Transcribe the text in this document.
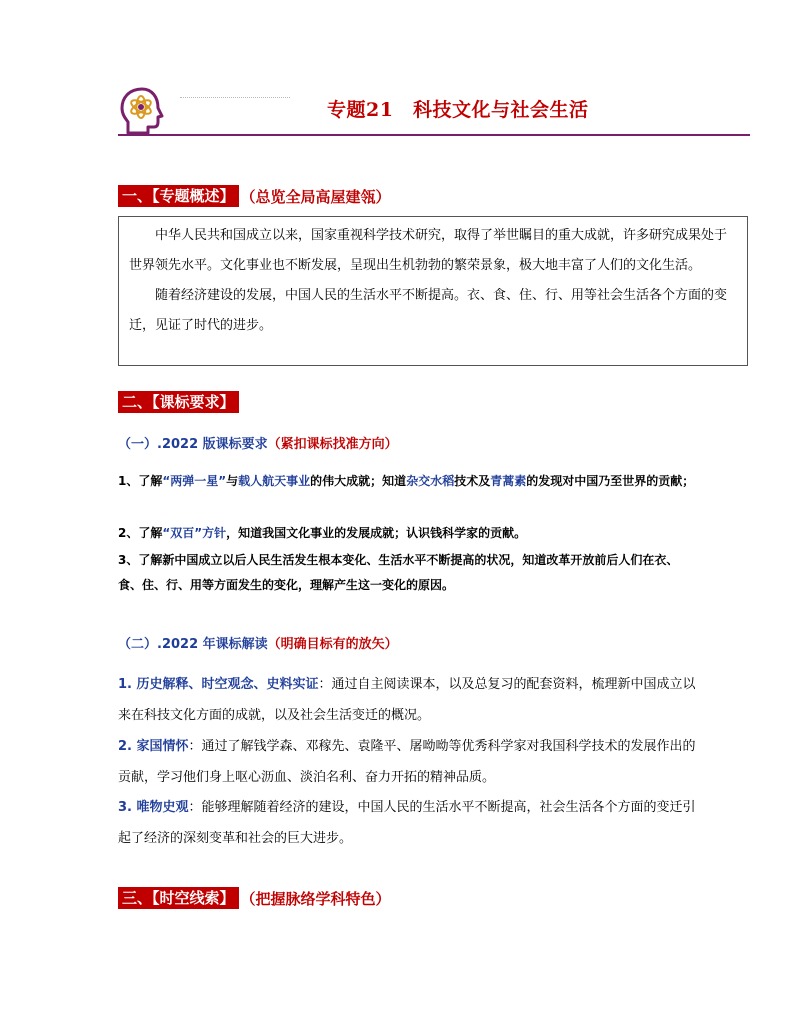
专题21　科技文化与社会生活
一、【专题概述】 （总览全局高屋建瓴）

中华人民共和国成立以来，国家重视科学技术研究，取得了举世瞩目的重大成就，许多研究成果处于世界领先水平。文化事业也不断发展，呈现出生机勃勃的繁荣景象，极大地丰富了人们的文化生活。

随着经济建设的发展，中国人民的生活水平不断提高。衣、食、住、行、用等社会生活各个方面的变迁，见证了时代的进步。

二、【课标要求】
（一）.2022 版课标要求（紧扣课标找准方向）
1、了解“两弹一星”与载人航天事业的伟大成就；知道杂交水稻技术及青蒿素的发现对中国乃至世界的贡献；
2、了解“双百”方针，知道我国文化事业的发展成就；认识钱科学家的贡献。
3、了解新中国成立以后人民生活发生根本变化、生活水平不断提高的状况，知道改革开放前后人们在衣、食、住、行、用等方面发生的变化，理解产生这一变化的原因。
（二）.2022 年课标解读（明确目标有的放矢）
1. 历史解释、时空观念、史料实证：通过自主阅读课本，以及总复习的配套资料，梳理新中国成立以来在科技文化方面的成就，以及社会生活变迁的概况。
2. 家国情怀：通过了解钱学森、邓稼先、袁隆平、屠呦呦等优秀科学家对我国科学技术的发展作出的贡献，学习他们身上呕心沥血、淡泊名利、奋力开拓的精神品质。
3. 唯物史观：能够理解随着经济的建设，中国人民的生活水平不断提高，社会生活各个方面的变迁引起了经济的深刻变革和社会的巨大进步。
三、【时空线索】 （把握脉络学科特色）
